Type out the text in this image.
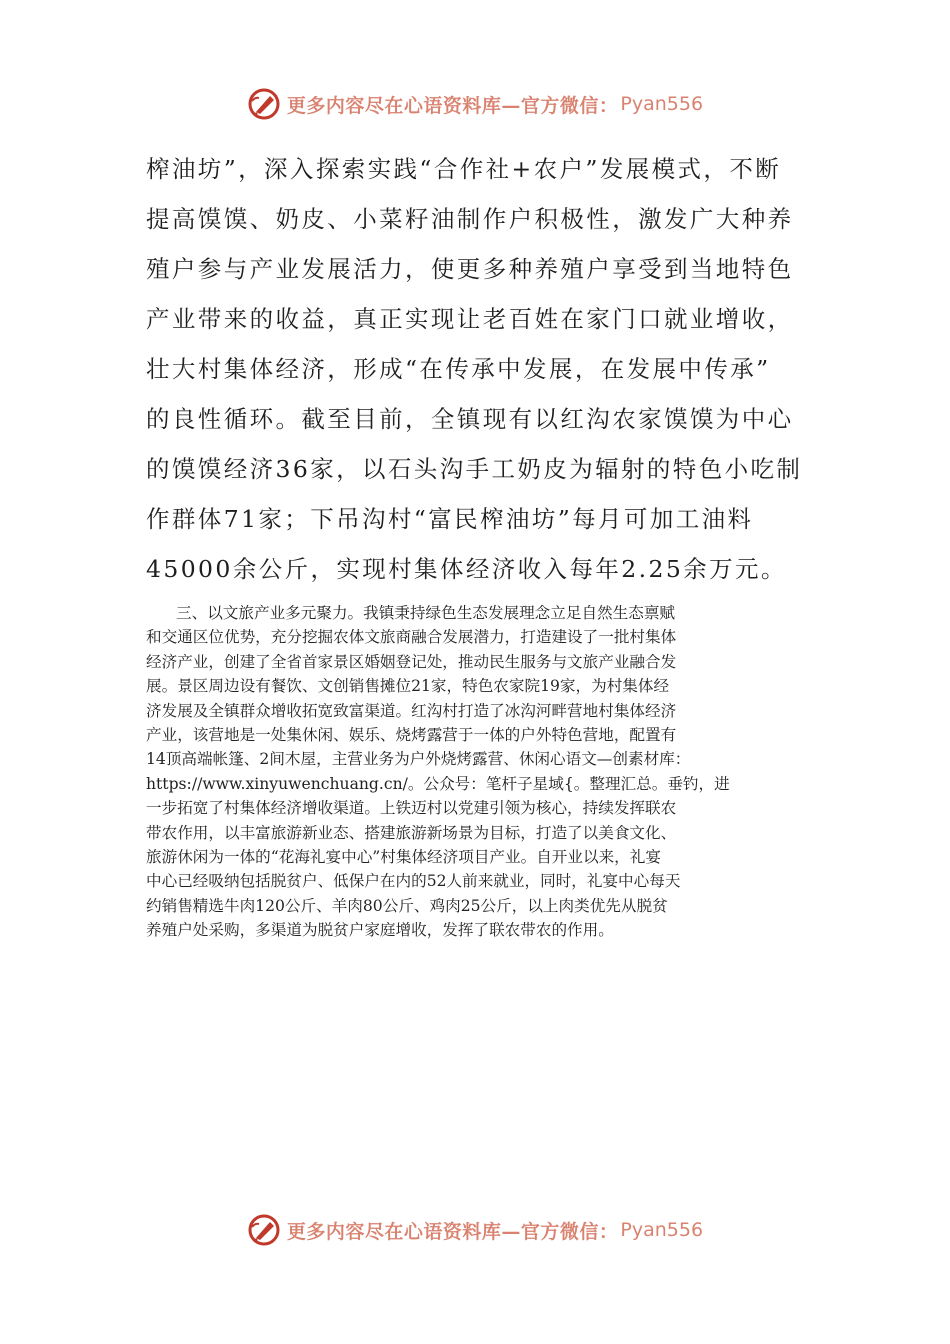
更多内容尽在心语资料库—官方微信： Pyan556
榨油坊”，深入探索实践“合作社+农户”发展模式，不断
提高馍馍、奶皮、小菜籽油制作户积极性，激发广大种养
殖户参与产业发展活力，使更多种养殖户享受到当地特色
产业带来的收益，真正实现让老百姓在家门口就业增收，
壮大村集体经济，形成“在传承中发展，在发展中传承”
的良性循环。截至目前，全镇现有以红沟农家馍馍为中心
的馍馍经济36家，以石头沟手工奶皮为辐射的特色小吃制
作群体71家；下吊沟村“富民榨油坊”每月可加工油料
45000余公斤，实现村集体经济收入每年2.25余万元。
三、以文旅产业多元聚力。我镇秉持绿色生态发展理念立足自然生态禀赋
和交通区位优势，充分挖掘农体文旅商融合发展潜力，打造建设了一批村集体
经济产业，创建了全省首家景区婚姻登记处，推动民生服务与文旅产业融合发
展。景区周边设有餐饮、文创销售摊位21家，特色农家院19家，为村集体经
济发展及全镇群众增收拓宽致富渠道。红沟村打造了冰沟河畔营地村集体经济
产业，该营地是一处集休闲、娱乐、烧烤露营于一体的户外特色营地，配置有
14顶高端帐篷、2间木屋，主营业务为户外烧烤露营、休闲心语文—创素材库：
https://www.xinyuwenchuang.cn/。公众号：笔杆子星域{。整理汇总。垂钓，进
一步拓宽了村集体经济增收渠道。上铁迈村以党建引领为核心，持续发挥联农
带农作用，以丰富旅游新业态、搭建旅游新场景为目标，打造了以美食文化、
旅游休闲为一体的“花海礼宴中心”村集体经济项目产业。自开业以来，礼宴
中心已经吸纳包括脱贫户、低保户在内的52人前来就业，同时，礼宴中心每天
约销售精选牛肉120公斤、羊肉80公斤、鸡肉25公斤，以上肉类优先从脱贫
养殖户处采购，多渠道为脱贫户家庭增收，发挥了联农带农的作用。
更多内容尽在心语资料库—官方微信： Pyan556
